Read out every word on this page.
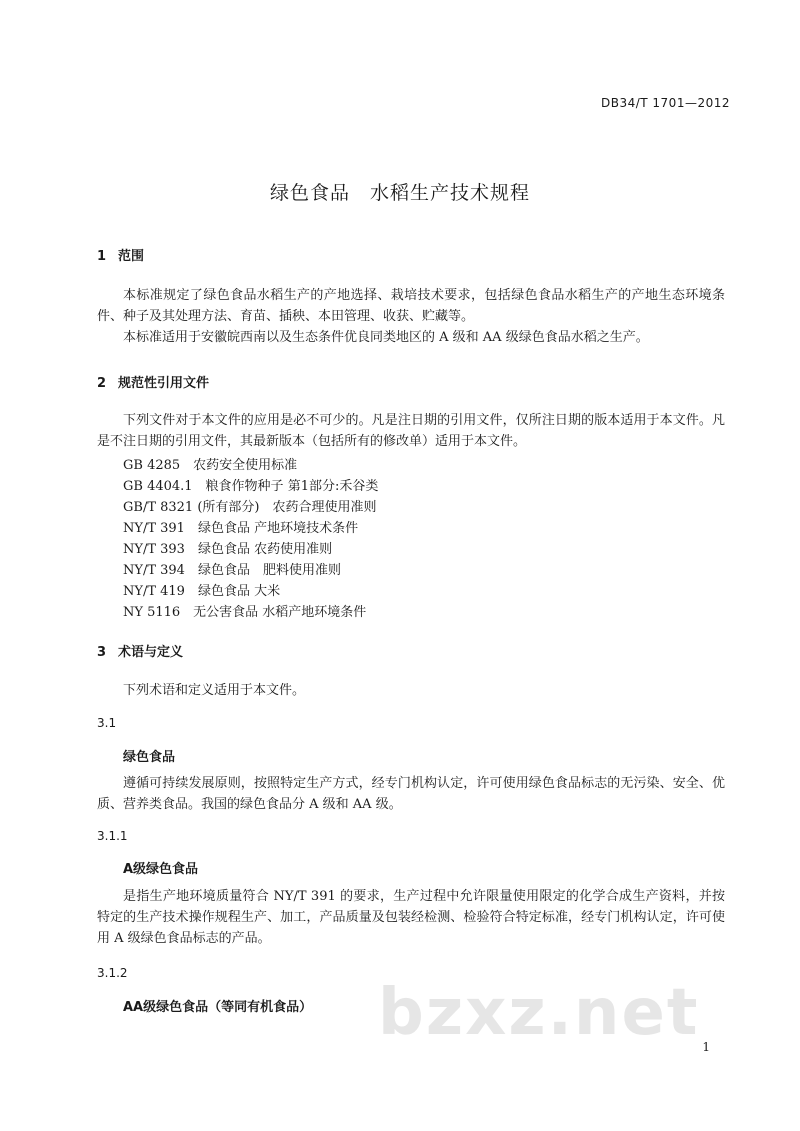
DB34/T 1701—2012
绿色食品　水稻生产技术规程
1 范围
本标准规定了绿色食品水稻生产的产地选择、栽培技术要求，包括绿色食品水稻生产的产地生态环境条件、种子及其处理方法、育苗、插秧、本田管理、收获、贮藏等。
本标准适用于安徽皖西南以及生态条件优良同类地区的 A 级和 AA 级绿色食品水稻之生产。
2 规范性引用文件
下列文件对于本文件的应用是必不可少的。凡是注日期的引用文件，仅所注日期的版本适用于本文件。凡是不注日期的引用文件，其最新版本（包括所有的修改单）适用于本文件。
GB 4285　农药安全使用标准
GB 4404.1　粮食作物种子 第1部分:禾谷类
GB/T 8321 (所有部分)　农药合理使用准则
NY/T 391　绿色食品 产地环境技术条件
NY/T 393　绿色食品 农药使用准则
NY/T 394　绿色食品　肥料使用准则
NY/T 419　绿色食品 大米
NY 5116　无公害食品 水稻产地环境条件
3 术语与定义
下列术语和定义适用于本文件。
3.1
绿色食品
遵循可持续发展原则，按照特定生产方式，经专门机构认定，许可使用绿色食品标志的无污染、安全、优质、营养类食品。我国的绿色食品分 A 级和 AA 级。
3.1.1
A级绿色食品
是指生产地环境质量符合 NY/T 391 的要求，生产过程中允许限量使用限定的化学合成生产资料，并按特定的生产技术操作规程生产、加工，产品质量及包装经检测、检验符合特定标准，经专门机构认定，许可使用 A 级绿色食品标志的产品。
3.1.2
AA级绿色食品（等同有机食品） bzxz.net 1
